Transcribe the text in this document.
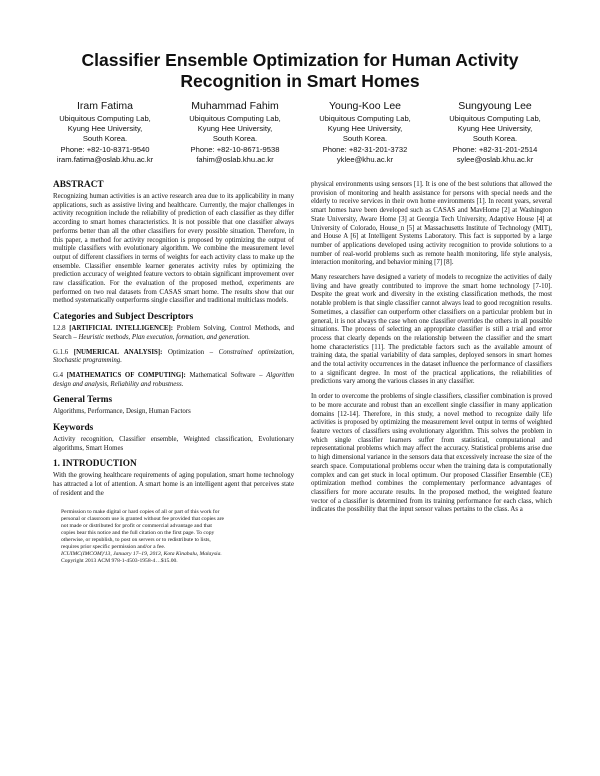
Classifier Ensemble Optimization for Human Activity Recognition in Smart Homes
Iram Fatima
Ubiquitous Computing Lab,
Kyung Hee University,
South Korea.
Phone: +82-10-8371-9540
iram.fatima@oslab.khu.ac.kr
Muhammad Fahim
Ubiquitous Computing Lab,
Kyung Hee University,
South Korea.
Phone: +82-10-8671-9538
fahim@oslab.khu.ac.kr
Young-Koo Lee
Ubiquitous Computing Lab,
Kyung Hee University,
South Korea.
Phone: +82-31-201-3732
yklee@khu.ac.kr
Sungyoung Lee
Ubiquitous Computing Lab,
Kyung Hee University,
South Korea.
Phone: +82-31-201-2514
sylee@oslab.khu.ac.kr
ABSTRACT

Recognizing human activities is an active research area due to its applicability in many applications, such as assistive living and healthcare. Currently, the major challenges in activity recognition include the reliability of prediction of each classifier as they differ according to smart homes characteristics. It is not possible that one classifier always performs better than all the other classifiers for every possible situation. Therefore, in this paper, a method for activity recognition is proposed by optimizing the output of multiple classifiers with evolutionary algorithm. We combine the measurement level output of different classifiers in terms of weights for each activity class to make up the ensemble. Classifier ensemble learner generates activity rules by optimizing the prediction accuracy of weighted feature vectors to obtain significant improvement over raw classification. For the evaluation of the proposed method, experiments are performed on two real datasets from CASAS smart home. The results show that our method systematically outperforms single classifier and traditional multiclass models.

Categories and Subject Descriptors

I.2.8 [ARTIFICIAL INTELLIGENCE]: Problem Solving, Control Methods, and Search – Heuristic methods, Plan execution, formation, and generation.

G.1.6 [NUMERICAL ANALYSIS]: Optimization – Constrained optimization, Stochastic programming.

G.4 [MATHEMATICS OF COMPUTING]: Mathematical Software – Algorithm design and analysis, Reliability and robustness.

General Terms

Algorithms, Performance, Design, Human Factors

Keywords

Activity recognition, Classifier ensemble, Weighted classification, Evolutionary algorithms, Smart Homes

1. INTRODUCTION

With the growing healthcare requirements of aging population, smart home technology has attracted a lot of attention. A smart home is an intelligent agent that perceives state of resident and the

Permission to make digital or hard copies of all or part of this work for
personal or classroom use is granted without fee provided that copies are
not made or distributed for profit or commercial advantage and that
copies bear this notice and the full citation on the first page. To copy
otherwise, or republish, to post on servers or to redistribute to lists,
requires prior specific permission and/or a fee.
ICUIMC(IMCOM)'13, January 17–19, 2013, Kota Kinabalu, Malaysia.
Copyright 2013 ACM 978-1-4503-1958-4…$15.00.

physical environments using sensors [1]. It is one of the best solutions that allowed the provision of monitoring and health assistance for persons with special needs and the elderly to receive services in their own home environments [1]. In recent years, several smart homes have been developed such as CASAS and MavHome [2] at Washington State University, Aware Home [3] at Georgia Tech University, Adaptive House [4] at University of Colorado, House_n [5] at Massachusetts Institute of Technology (MIT), and House A [6] at Intelligent Systems Laboratory. This fact is supported by a large number of applications developed using activity recognition to provide solutions to a number of real-world problems such as remote health monitoring, life style analysis, interaction monitoring, and behavior mining [7] [8].

Many researchers have designed a variety of models to recognize the activities of daily living and have greatly contributed to improve the smart home technology [7-10]. Despite the great work and diversity in the existing classification methods, the most notable problem is that single classifier cannot always lead to good recognition results. Sometimes, a classifier can outperform other classifiers on a particular problem but in general, it is not always the case when one classifier overrides the others in all possible situations. The process of selecting an appropriate classifier is still a trial and error process that clearly depends on the relationship between the classifier and the smart home characteristics [11]. The predictable factors such as the available amount of training data, the spatial variability of data samples, deployed sensors in smart homes and the total activity occurrences in the dataset influence the performance of classifiers to a significant degree. In most of the practical applications, the reliabilities of predictions vary among the various classes in any classifier.

In order to overcome the problems of single classifiers, classifier combination is proved to be more accurate and robust than an excellent single classifier in many application domains [12-14]. Therefore, in this study, a novel method to recognize daily life activities is proposed by optimizing the measurement level output in terms of weighted feature vectors of classifiers using evolutionary algorithm. This solves the problem in which single classifier learners suffer from statistical, computational and representational problems which may affect the accuracy. Statistical problems arise due to high dimensional variance in the sensors data that excessively increase the size of the search space. Computational problems occur when the training data is computationally complex and can get stuck in local optimum. Our proposed Classifier Ensemble (CE) optimization method combines the complementary performance advantages of classifiers for more accurate results. In the proposed method, the weighted feature vector of a classifier is determined from its training performance for each class, which indicates the possibility that the input sensor values pertains to the class. As a
